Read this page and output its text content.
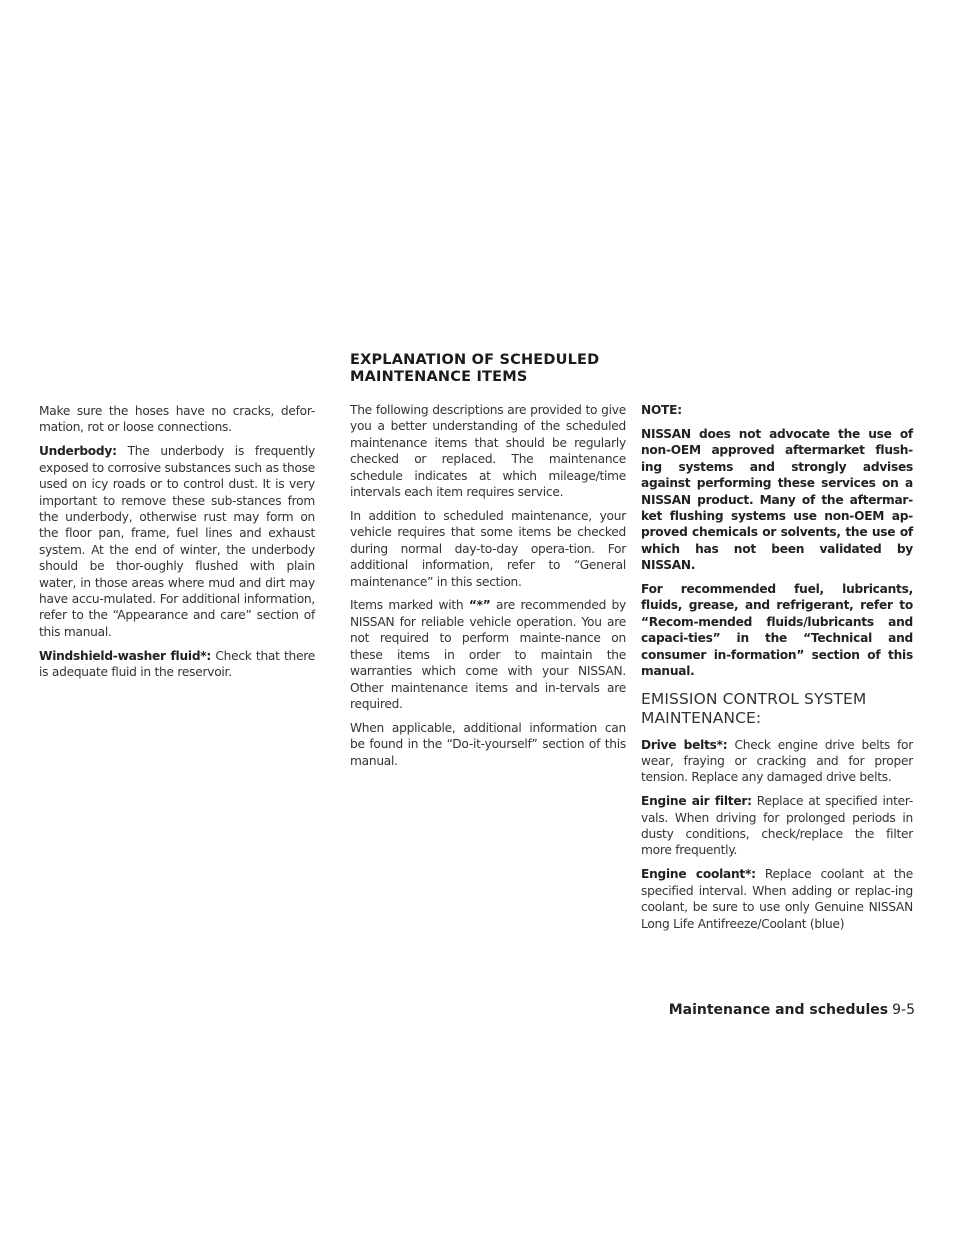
EXPLANATION OF SCHEDULED
MAINTENANCE ITEMS

Make sure the hoses have no cracks, defor-mation, rot or loose connections.

Underbody: The underbody is frequently exposed to corrosive substances such as those used on icy roads or to control dust. It is very important to remove these sub-stances from the underbody, otherwise rust may form on the floor pan, frame, fuel lines and exhaust system. At the end of winter, the underbody should be thor-oughly flushed with plain water, in those areas where mud and dirt may have accu-mulated. For additional information, refer to the “Appearance and care” section of this manual.

Windshield-washer fluid*: Check that there is adequate fluid in the reservoir.

The following descriptions are provided to give you a better understanding of the scheduled maintenance items that should be regularly checked or replaced. The maintenance schedule indicates at which mileage/time intervals each item requires service.

In addition to scheduled maintenance, your vehicle requires that some items be checked during normal day-to-day opera-tion. For additional information, refer to “General maintenance” in this section.

Items marked with “*” are recommended by NISSAN for reliable vehicle operation. You are not required to perform mainte-nance on these items in order to maintain the warranties which come with your NISSAN. Other maintenance items and in-tervals are required.

When applicable, additional information can be found in the “Do-it-yourself” section of this manual.

NOTE:

NISSAN does not advocate the use of non-OEM approved aftermarket flush-ing systems and strongly advises against performing these services on a NISSAN product. Many of the aftermar-ket flushing systems use non-OEM ap-proved chemicals or solvents, the use of which has not been validated by NISSAN.

For recommended fuel, lubricants, fluids, grease, and refrigerant, refer to “Recom-mended fluids/lubricants and capaci-ties” in the “Technical and consumer in-formation” section of this manual.

EMISSION CONTROL SYSTEM
MAINTENANCE:

Drive belts*: Check engine drive belts for wear, fraying or cracking and for proper tension. Replace any damaged drive belts.

Engine air filter: Replace at specified inter-vals. When driving for prolonged periods in dusty conditions, check/replace the filter more frequently.

Engine coolant*: Replace coolant at the specified interval. When adding or replac-ing coolant, be sure to use only Genuine NISSAN Long Life Antifreeze/Coolant (blue)

Maintenance and schedules 9-5
